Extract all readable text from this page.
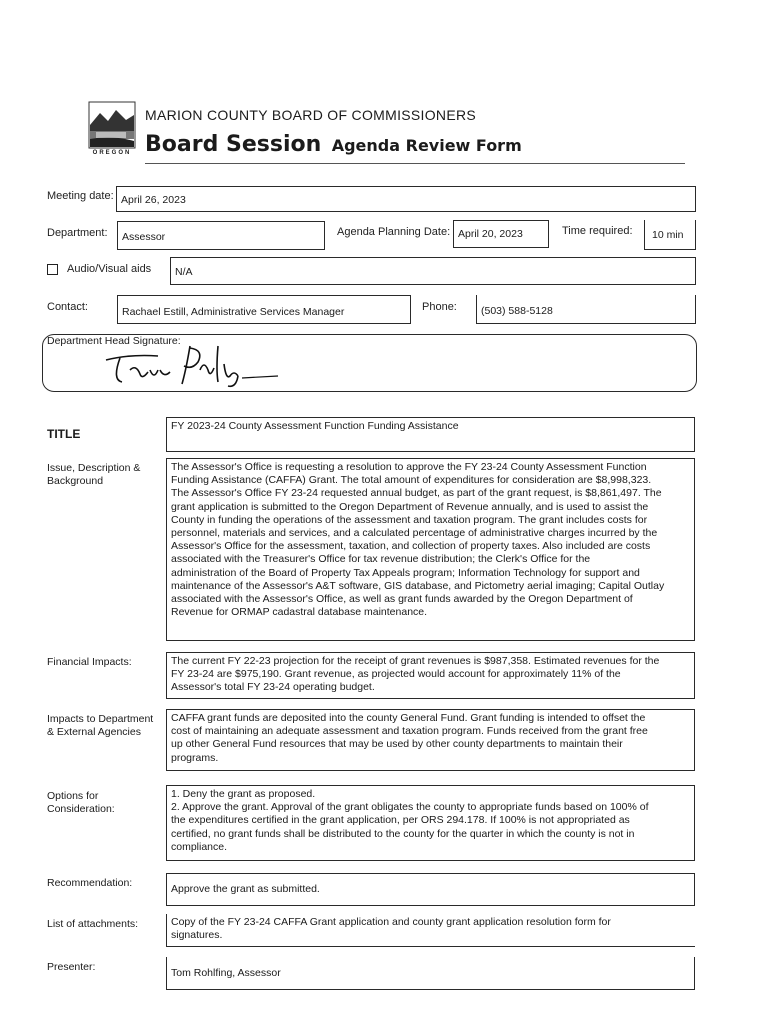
OREGON
MARION COUNTY BOARD OF COMMISSIONERS
Board Session Agenda Review Form
Meeting date: April 26, 2023
Department:	Assessor	Agenda Planning Date: April 20, 2023	Time required:	10 min
Audio/Visual aids	N/A
Contact:	Rachael Estill, Administrative Services Manager	Phone:	(503) 588-5128
Department Head Signature:
TITLE
FY 2023-24 County Assessment Function Funding Assistance
Issue, Description &
Background
The Assessor's Office is requesting a resolution to approve the FY 23-24 County Assessment Function
Funding Assistance (CAFFA) Grant. The total amount of expenditures for consideration are $8,998,323.
The Assessor's Office FY 23-24 requested annual budget, as part of the grant request, is $8,861,497. The
grant application is submitted to the Oregon Department of Revenue annually, and is used to assist the
County in funding the operations of the assessment and taxation program. The grant includes costs for
personnel, materials and services, and a calculated percentage of administrative charges incurred by the
Assessor's Office for the assessment, taxation, and collection of property taxes. Also included are costs
associated with the Treasurer's Office for tax revenue distribution; the Clerk's Office for the
administration of the Board of Property Tax Appeals program; Information Technology for support and
maintenance of the Assessor's A&T software, GIS database, and Pictometry aerial imaging; Capital Outlay
associated with the Assessor's Office, as well as grant funds awarded by the Oregon Department of
Revenue for ORMAP cadastral database maintenance.
Financial Impacts:	The current FY 22-23 projection for the receipt of grant revenues is $987,358. Estimated revenues for the
FY 23-24 are $975,190. Grant revenue, as projected would account for approximately 11% of the
Assessor's total FY 23-24 operating budget.
Impacts to Department
& External Agencies
CAFFA grant funds are deposited into the county General Fund. Grant funding is intended to offset the
cost of maintaining an adequate assessment and taxation program. Funds received from the grant free
up other General Fund resources that may be used by other county departments to maintain their
programs.
Options for
Consideration:
1. Deny the grant as proposed.
2. Approve the grant. Approval of the grant obligates the county to appropriate funds based on 100% of
the expenditures certified in the grant application, per ORS 294.178. If 100% is not appropriated as
certified, no grant funds shall be distributed to the county for the quarter in which the county is not in
compliance.
Recommendation:	Approve the grant as submitted.
List of attachments:	Copy of the FY 23-24 CAFFA Grant application and county grant application resolution form for
signatures.
Presenter:	Tom Rohlfing, Assessor
